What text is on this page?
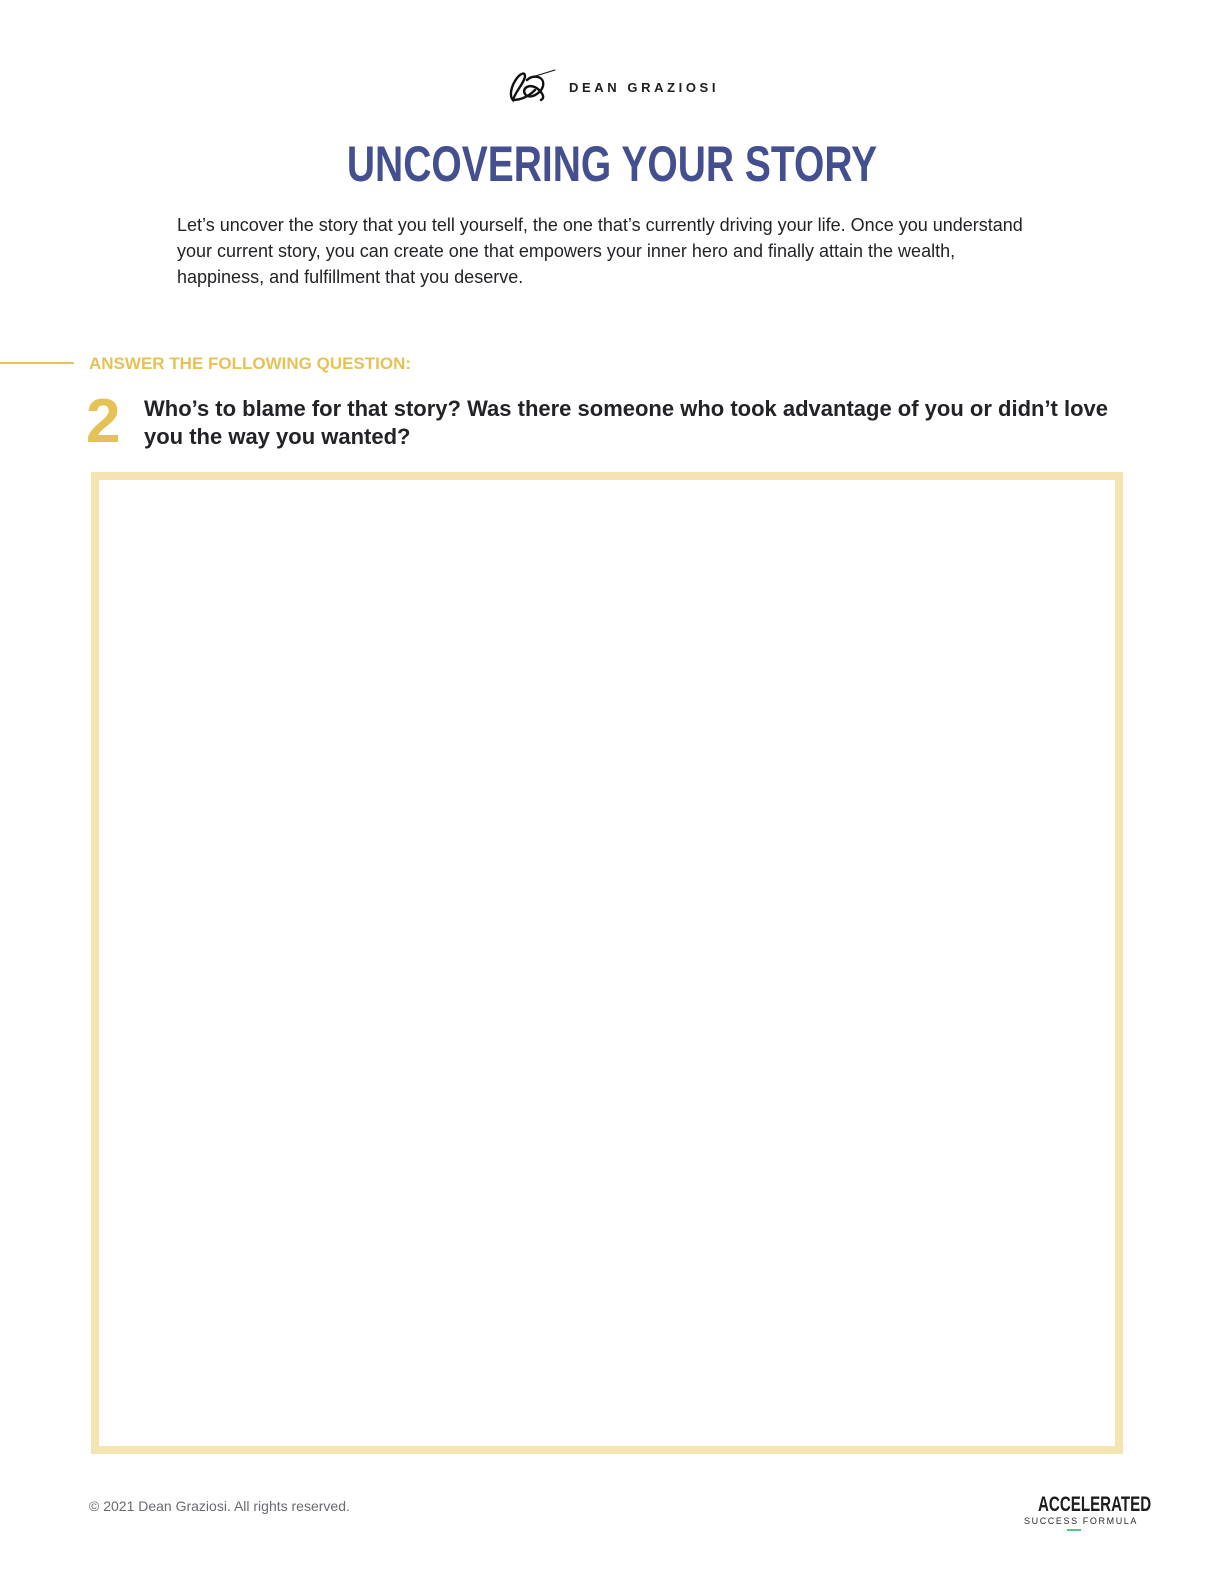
DEAN GRAZIOSI
UNCOVERING YOUR STORY

Let’s uncover the story that you tell yourself, the one that’s currently driving your life. Once you understand your current story, you can create one that empowers your inner hero and finally attain the wealth, happiness, and fulfillment that you deserve.

ANSWER THE FOLLOWING QUESTION:

2 Who’s to blame for that story? Was there someone who took advantage of you or didn’t love you the way you wanted?

© 2021 Dean Graziosi. All rights reserved.	ACCELERATED
SUCCESS FORMULA
